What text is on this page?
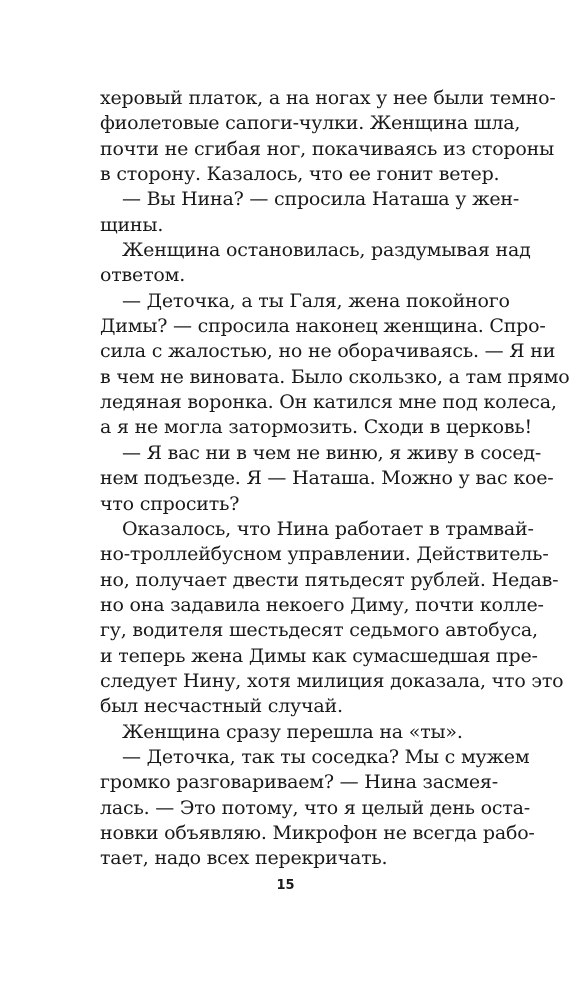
херовый платок, а на ногах у нее были темно-
фиолетовые сапоги-чулки. Женщина шла,
почти не сгибая ног, покачиваясь из стороны
в сторону. Казалось, что ее гонит ветер.
— Вы Нина? — спросила Наташа у жен-
щины.
Женщина остановилась, раздумывая над
ответом.
— Деточка, а ты Галя, жена покойного
Димы? — спросила наконец женщина. Спро-
сила с жалостью, но не оборачиваясь. — Я ни
в чем не виновата. Было скользко, а там прямо
ледяная воронка. Он катился мне под колеса,
а я не могла затормозить. Сходи в церковь!
— Я вас ни в чем не виню, я живу в сосед-
нем подъезде. Я — Наташа. Можно у вас кое-
что спросить?
Оказалось, что Нина работает в трамвай-
но-троллейбусном управлении. Действитель-
но, получает двести пятьдесят рублей. Недав-
но она задавила некоего Диму, почти колле-
гу, водителя шестьдесят седьмого автобуса,
и теперь жена Димы как сумасшедшая пре-
следует Нину, хотя милиция доказала, что это
был несчастный случай.
Женщина сразу перешла на «ты».
— Деточка, так ты соседка? Мы с мужем
громко разговариваем? — Нина засмея-
лась. — Это потому, что я целый день оста-
новки объявляю. Микрофон не всегда рабо-
тает, надо всех перекричать.
15
